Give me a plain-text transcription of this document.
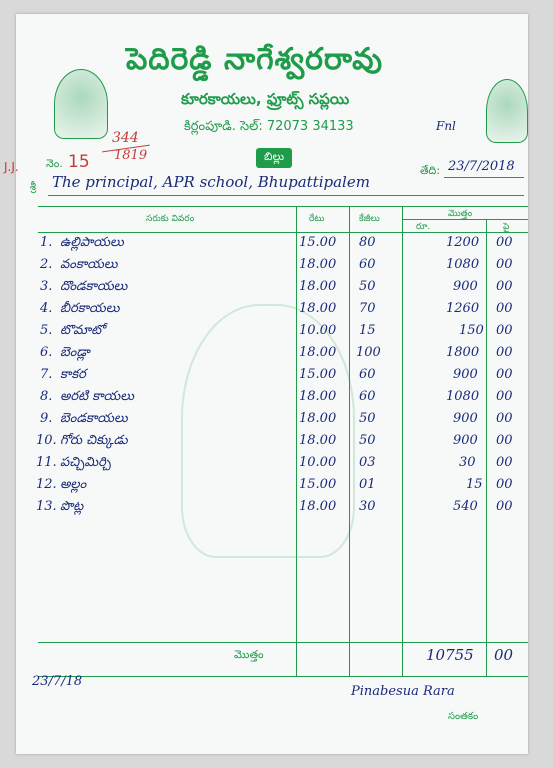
పెదిరెడ్డి నాగేశ్వరరావు
కూరకాయలు, ఫ్రూట్స్ సప్లయి
కిర్లంపూడి. సెల్: 72073 34133	Fnl
బిల్లు
J.J. నెం. 15
344
1819
తేది: 23/7/2018
శ్రీ The principal, APR school, Bhupattipalem
సరుకు వివరం	రేటు	కేజీలు	మొత్తం
రూ.	పై
1. ఉల్లిపాయలు	15.00 80	1200 00
2. వంకాయలు	18.00 60	1080 00
3. దొండకాయలు	18.00 50	900 00
4. బీరకాయలు	18.00 70	1260 00
5. టొమాటో	10.00 15	150 00
6. బెండ్లా	18.00 100	1800 00
7. కాకర	15.00 60	900 00
8. అరటి కాయలు	18.00 60	1080 00
9. బెండకాయలు	18.00 50	900 00
10. గోరు చిక్కుడు	18.00 50	900 00
11. పచ్చిమిర్చి	10.00 03	30 00
12. అల్లం	15.00 01	15 00
13. పొట్ల	18.00 30	540 00
మొత్తం	10755 00
23/7/18
Pinabesua Rara
సంతకం
